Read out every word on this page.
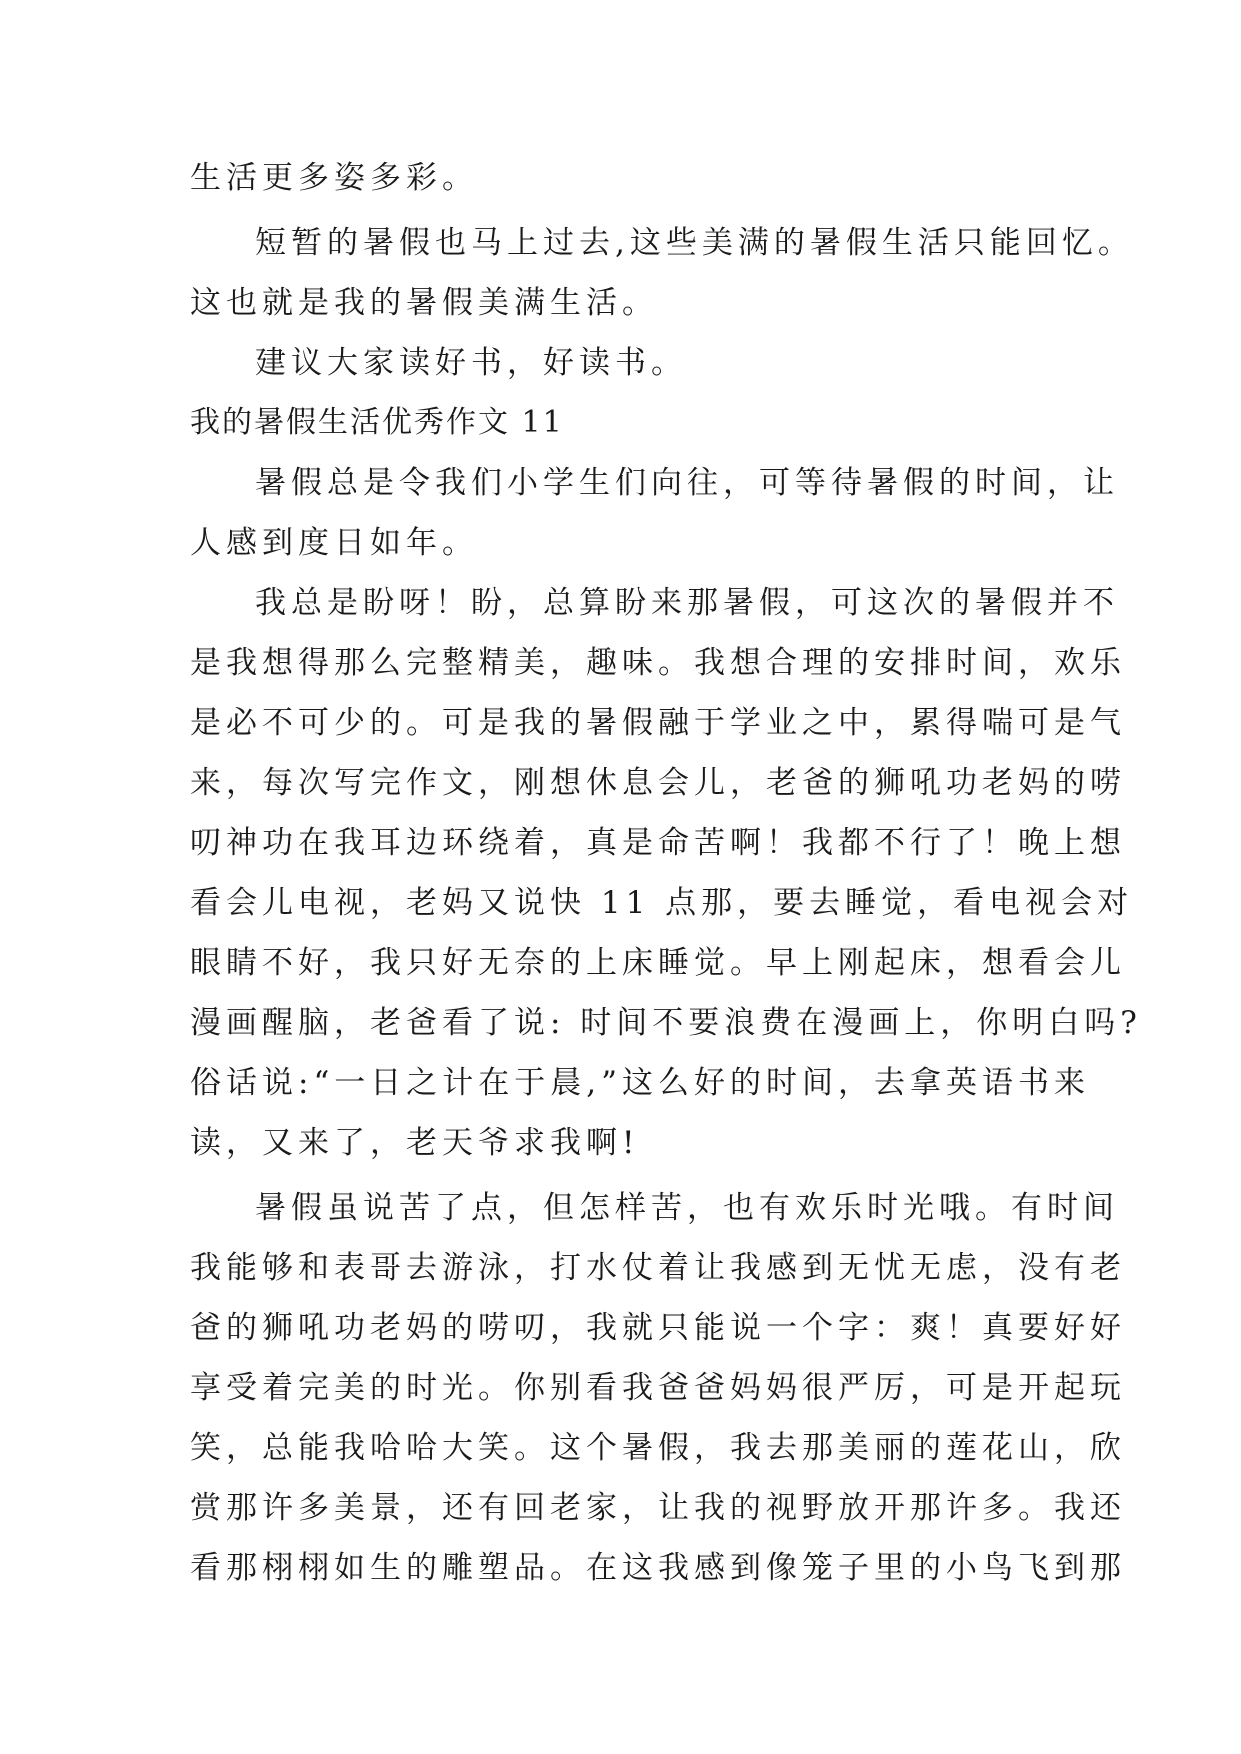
生活更多姿多彩。
短暂的暑假也马上过去,这些美满的暑假生活只能回忆。
这也就是我的暑假美满生活。
建议大家读好书，好读书。
我的暑假生活优秀作文 11
暑假总是令我们小学生们向往，可等待暑假的时间，让
人感到度日如年。
我总是盼呀！盼，总算盼来那暑假，可这次的暑假并不
是我想得那么完整精美，趣味。我想合理的安排时间，欢乐
是必不可少的。可是我的暑假融于学业之中，累得喘可是气
来，每次写完作文，刚想休息会儿，老爸的狮吼功老妈的唠
叨神功在我耳边环绕着，真是命苦啊！我都不行了！晚上想
看会儿电视，老妈又说快 11 点那，要去睡觉，看电视会对
眼睛不好，我只好无奈的上床睡觉。早上刚起床，想看会儿
漫画醒脑，老爸看了说: 时间不要浪费在漫画上，你明白吗?
俗话说:“一日之计在于晨,”这么好的时间，去拿英语书来
读，又来了，老天爷求我啊!
暑假虽说苦了点，但怎样苦，也有欢乐时光哦。有时间
我能够和表哥去游泳，打水仗着让我感到无忧无虑，没有老
爸的狮吼功老妈的唠叨，我就只能说一个字：爽！真要好好
享受着完美的时光。你别看我爸爸妈妈很严厉，可是开起玩
笑，总能我哈哈大笑。这个暑假，我去那美丽的莲花山，欣
赏那许多美景，还有回老家，让我的视野放开那许多。我还
看那栩栩如生的雕塑品。在这我感到像笼子里的小鸟飞到那
